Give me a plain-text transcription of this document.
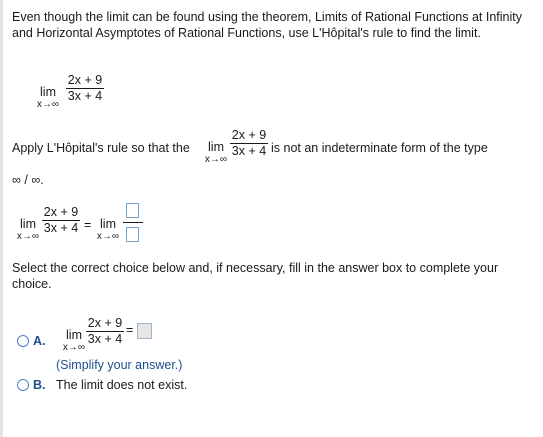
Even though the limit can be found using the theorem, Limits of Rational Functions at Infinity and Horizontal Asymptotes of Rational Functions, use L'Hôpital's rule to find the limit.
lim
x→∞
$\frac{2x + 9}{3x + 4}$
Apply L'Hôpital's rule so that the	lim
x→∞
$\frac{2x + 9}{3x + 4}$ is not an indeterminate form of the type
∞ / ∞.
lim
x→∞
$\frac{2x + 9}{3x + 4} = \lim$
x→∞
Select the correct choice below and, if necessary, fill in the answer box to complete your choice.
A.	lim
x→∞
$\frac{2x + 9}{3x + 4}$ =
(Simplify your answer.)
B. The limit does not exist.
